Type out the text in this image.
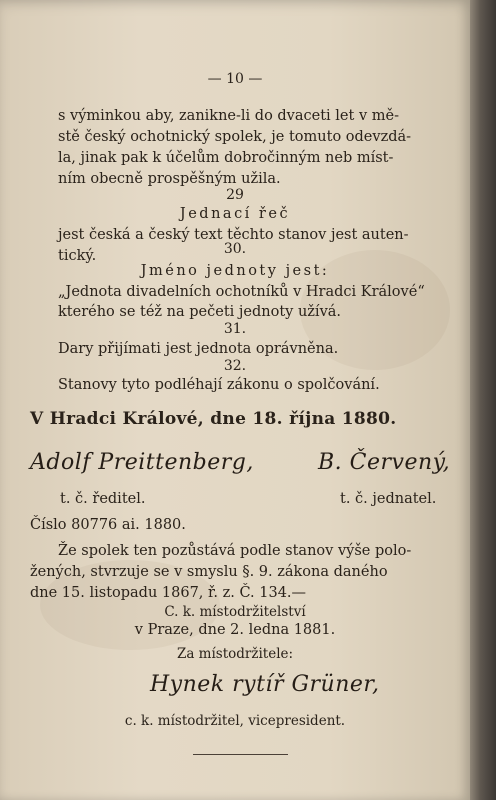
— 10 —
s výminkou aby, zanikne-li do dvaceti let v mě-
stě český ochotnický spolek, je tomuto odevzdá-
la, jinak pak k účelům dobročinným neb míst-
ním obecně prospěšným užila.
29
Jednací řeč
jest česká a český text těchto stanov jest auten-
tický.	30.
Jméno jednoty jest:
„Jednota divadelních ochotníků v Hradci Králové“
kterého se též na pečeti jednoty užívá.
31.
Dary přijímati jest jednota oprávněna.
32.
Stanovy tyto podléhají zákonu o spolčování.
V Hradci Králové, dne 18. října 1880.
Adolf Preittenberg,	B. Červený,
t. č. ředitel.	t. č. jednatel.
Číslo 80776 ai. 1880.
Že spolek ten pozůstává podle stanov výše polo-
žených, stvrzuje se v smyslu §. 9. zákona daného
dne 15. listopadu 1867, ř. z. Č. 134.—
C. k. místodržitelství
v Praze, dne 2. ledna 1881.
Za místodržitele:
Hynek rytíř Grüner,
c. k. místodržitel, vicepresident.
